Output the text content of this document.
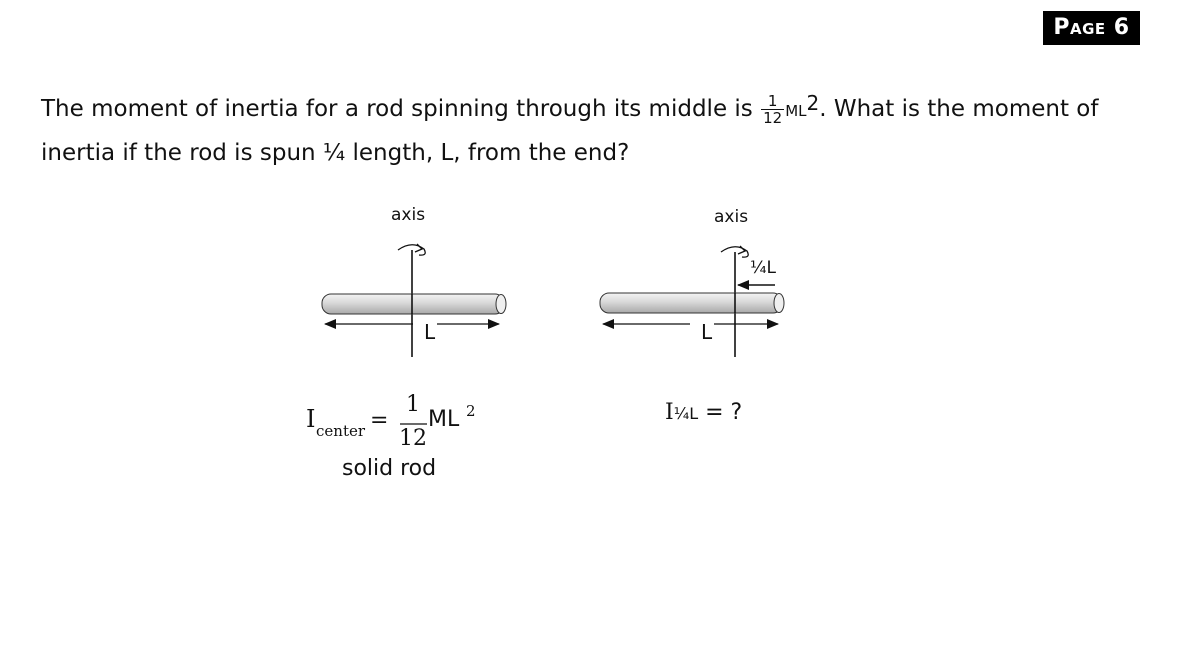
Page 6
The moment of inertia for a rod spinning through its middle is $\frac{1}{12} ML^2$. What is the moment of
inertia if the rod is spun ¼ length, L, from the end?
axis
L
I center =
1
12
ML 2
solid rod
axis
¼L
L
I¼L = ?
